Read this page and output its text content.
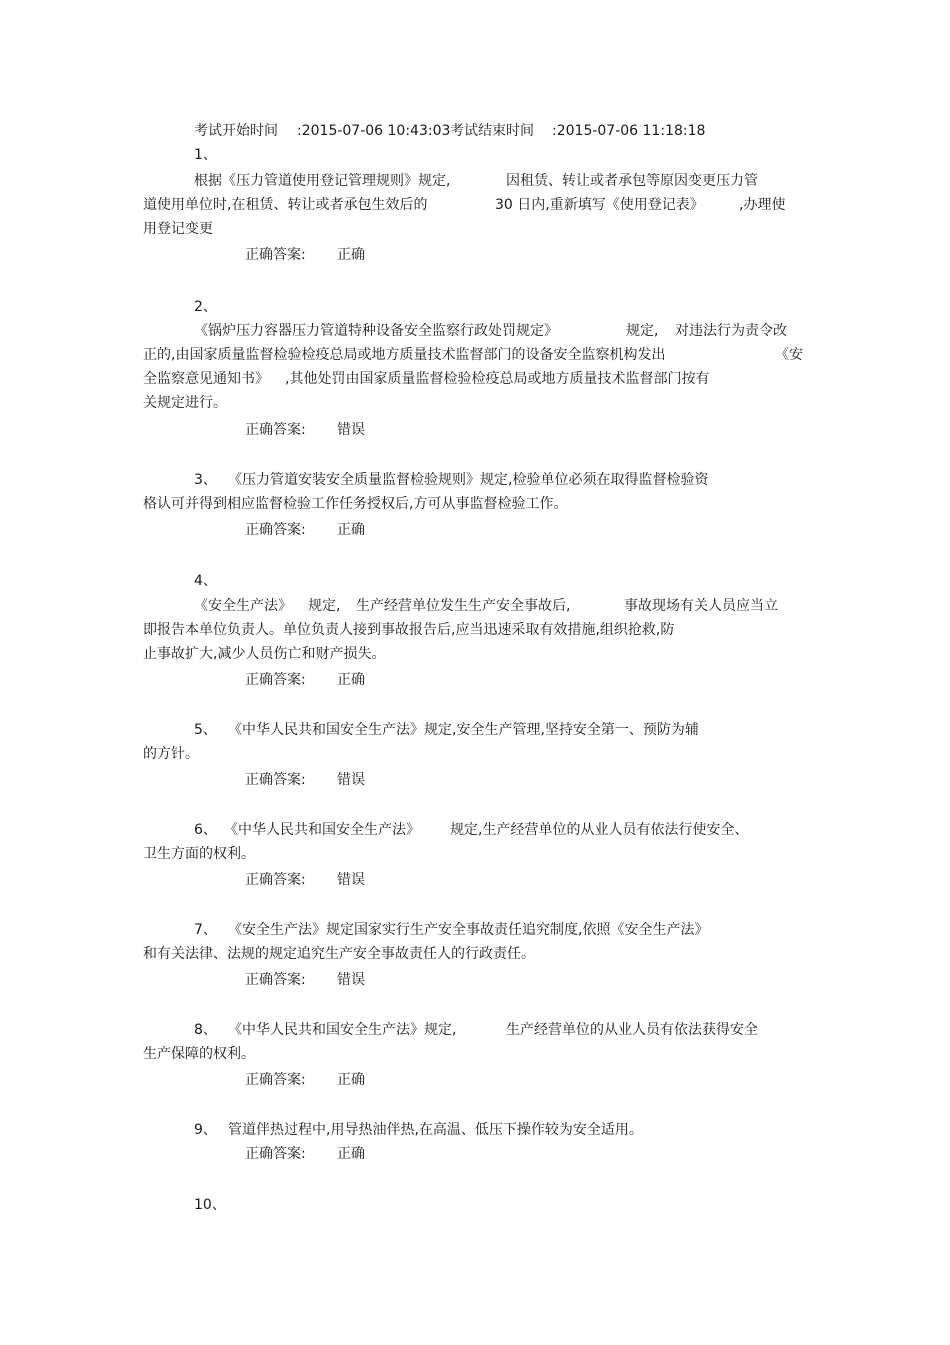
考试开始时间

:2015-07-06 10:43:03

考试结束时间

:2015-07-06 11:18:18

1、

根据《压力管道使用登记管理规则》规定,

	因租赁、转让或者承包等原因变更压力管

道使用单位时,在租赁、转让或者承包生效后的

	30 日内,重新填写《使用登记表》

	,办理使

用登记变更

正确答案:

正确

2、

《锅炉压力容器压力管道特种设备安全监察行政处罚规定》

	规定,

对违法行为责令改

正的,由国家质量监督检验检疫总局或地方质量技术监督部门的设备安全监察机构发出

	《安

全监察意见通知书》

,其他处罚由国家质量监督检验检疫总局或地方质量技术监督部门按有

关规定进行。

正确答案:

错误

3、

《压力管道安装安全质量监督检验规则》规定,检验单位必须在取得监督检验资

格认可并得到相应监督检验工作任务授权后,方可从事监督检验工作。

正确答案:

正确

4、

《安全生产法》

规定,

生产经营单位发生生产安全事故后,

	事故现场有关人员应当立

即报告本单位负责人。单位负责人接到事故报告后,应当迅速采取有效措施,组织抢救,防

止事故扩大,减少人员伤亡和财产损失。

正确答案:

正确

5、

《中华人民共和国安全生产法》规定,安全生产管理,坚持安全第一、预防为辅

的方针。

正确答案:

错误

6、

《中华人民共和国安全生产法》

规定,生产经营单位的从业人员有依法行使安全、

卫生方面的权利。

正确答案:

错误

7、

《安全生产法》规定国家实行生产安全事故责任追究制度,依照《安全生产法》

和有关法律、法规的规定追究生产安全事故责任人的行政责任。

正确答案:

错误

8、

《中华人民共和国安全生产法》规定,

	生产经营单位的从业人员有依法获得安全

生产保障的权利。

正确答案:

正确

9、

管道伴热过程中,用导热油伴热,在高温、低压下操作较为安全适用。

正确答案:

正确

10、
